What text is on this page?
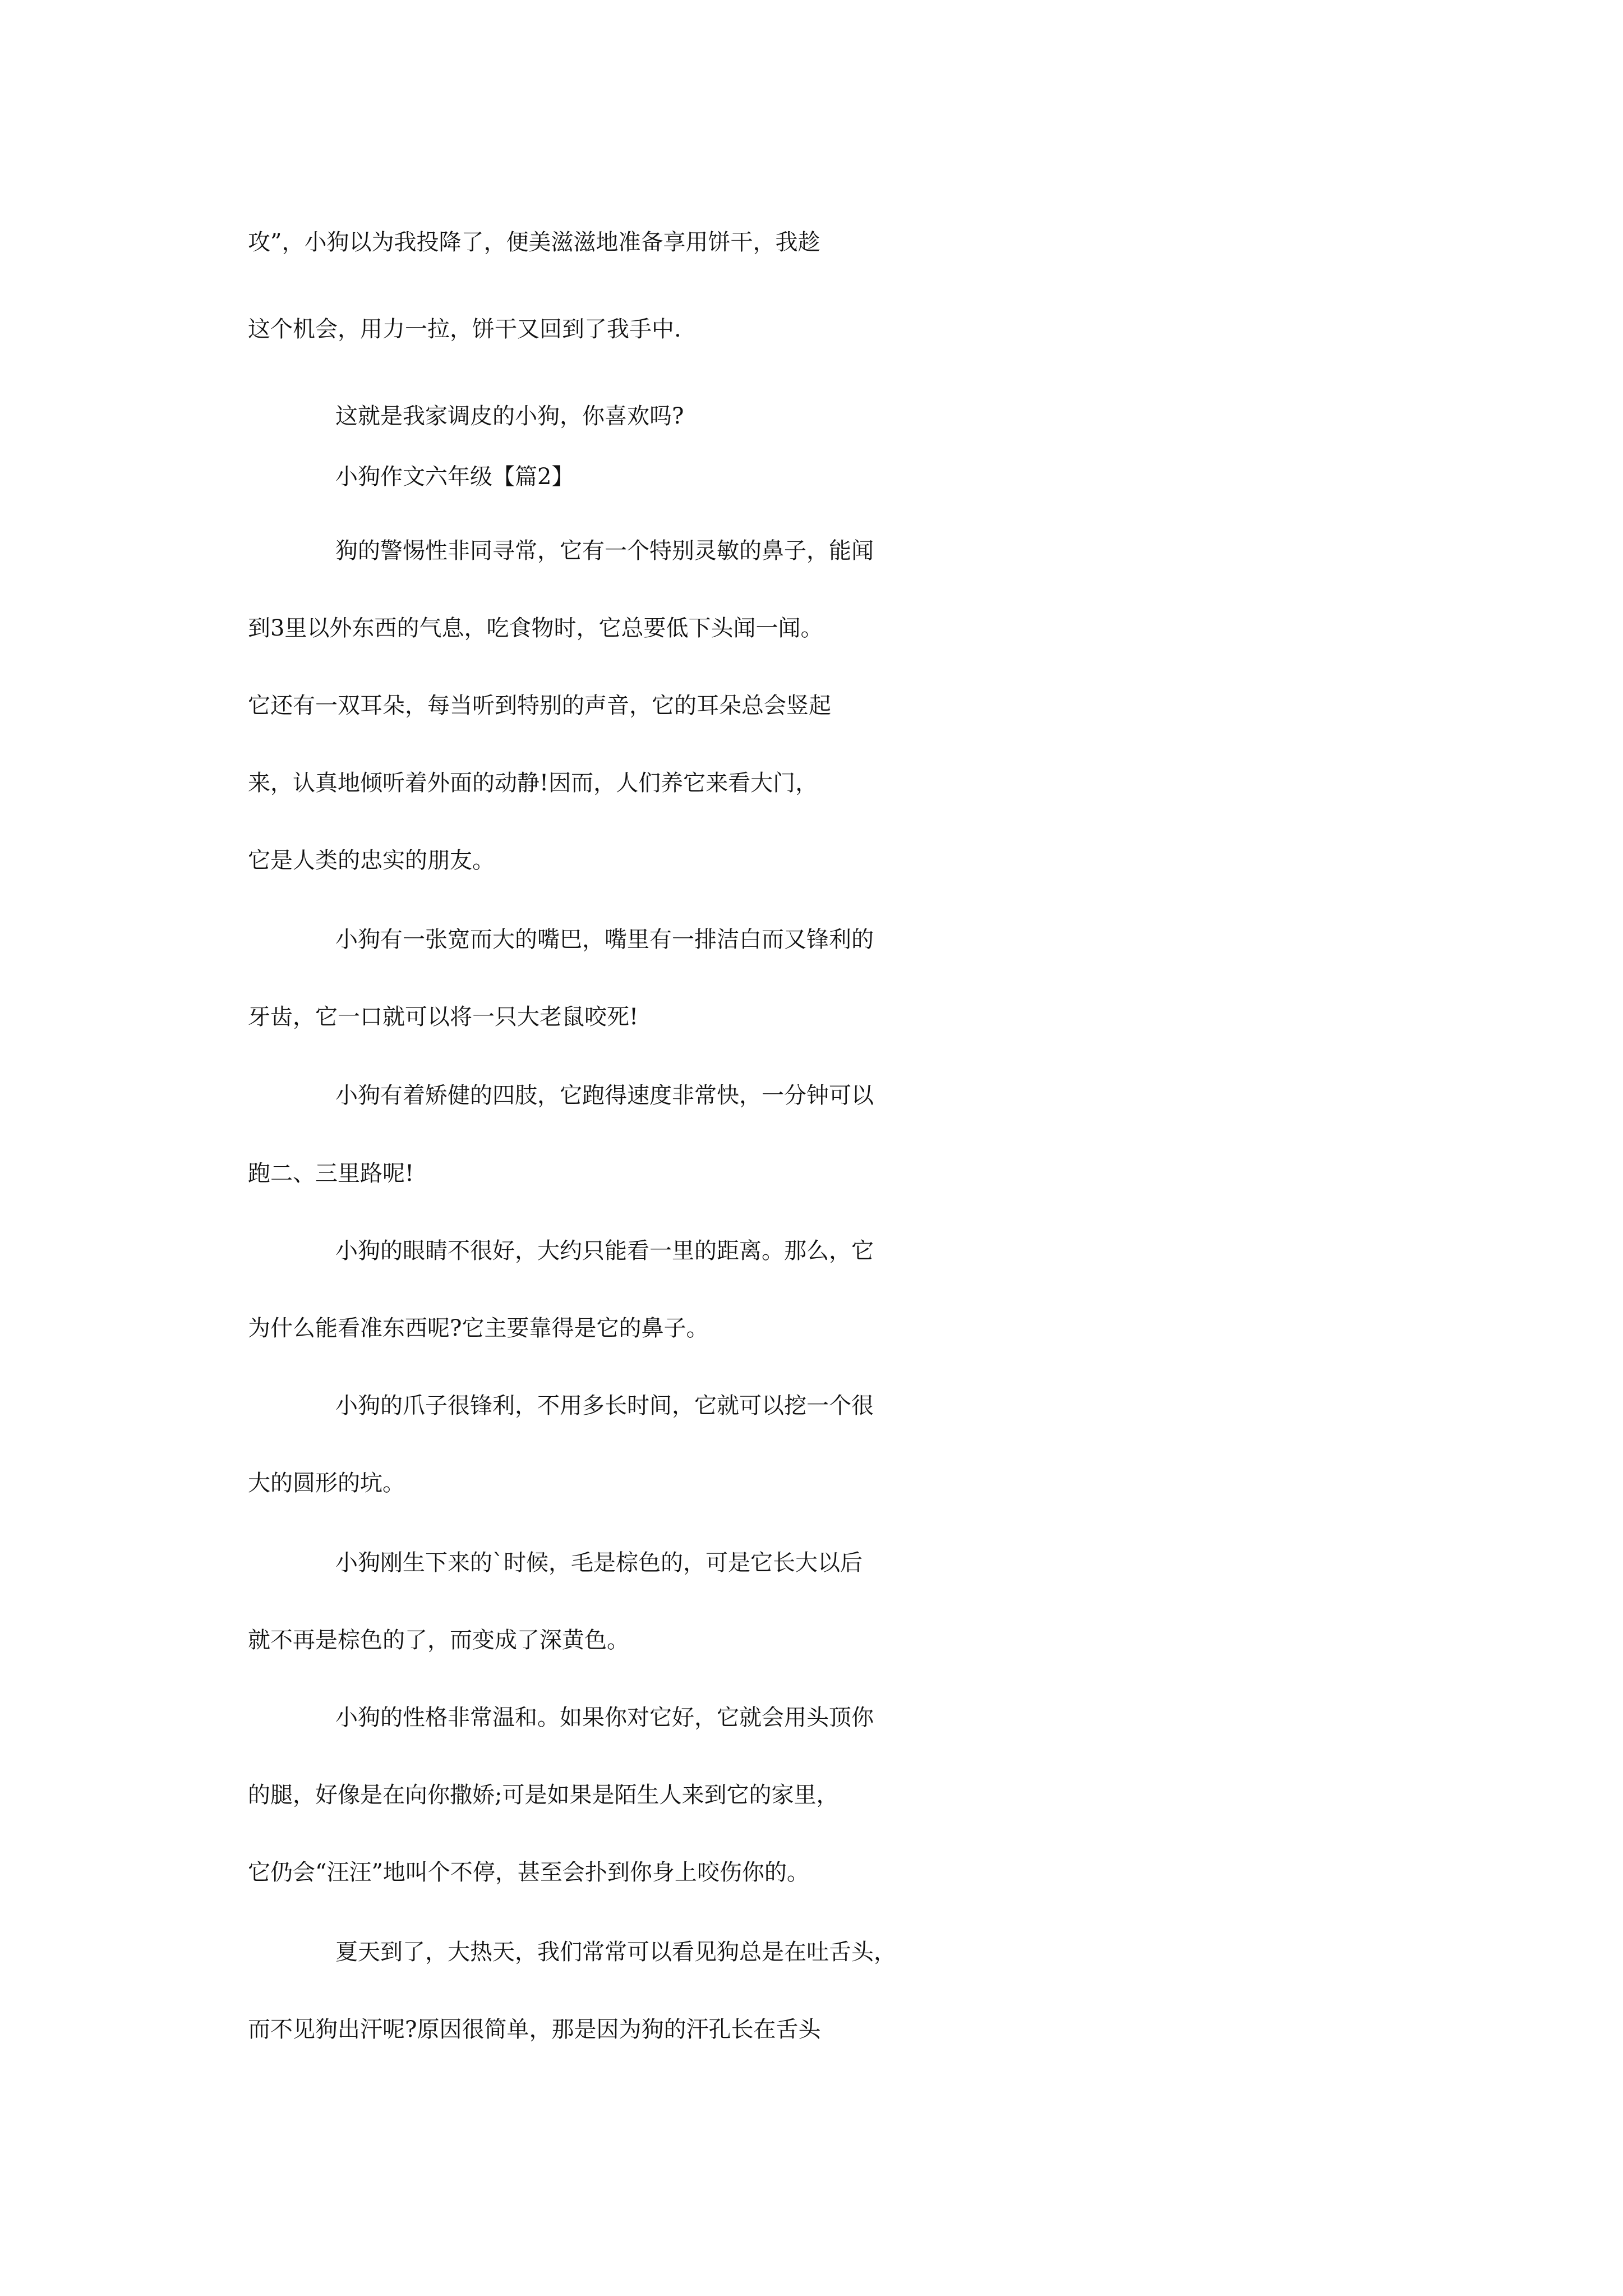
攻”，小狗以为我投降了，便美滋滋地准备享用饼干，我趁
这个机会，用力一拉，饼干又回到了我手中.
这就是我家调皮的小狗，你喜欢吗?
小狗作文六年级【篇2】
狗的警惕性非同寻常，它有一个特别灵敏的鼻子，能闻
到3里以外东西的气息，吃食物时，它总要低下头闻一闻。
它还有一双耳朵，每当听到特别的声音，它的耳朵总会竖起
来，认真地倾听着外面的动静!因而，人们养它来看大门，
它是人类的忠实的朋友。
小狗有一张宽而大的嘴巴，嘴里有一排洁白而又锋利的
牙齿，它一口就可以将一只大老鼠咬死!
小狗有着矫健的四肢，它跑得速度非常快，一分钟可以
跑二、三里路呢!
小狗的眼睛不很好，大约只能看一里的距离。那么，它
为什么能看准东西呢?它主要靠得是它的鼻子。
小狗的爪子很锋利，不用多长时间，它就可以挖一个很
大的圆形的坑。
小狗刚生下来的`时候，毛是棕色的，可是它长大以后
就不再是棕色的了，而变成了深黄色。
小狗的性格非常温和。如果你对它好，它就会用头顶你
的腿，好像是在向你撒娇;可是如果是陌生人来到它的家里，
它仍会“汪汪”地叫个不停，甚至会扑到你身上咬伤你的。
夏天到了，大热天，我们常常可以看见狗总是在吐舌头，
而不见狗出汗呢?原因很简单，那是因为狗的汗孔长在舌头
